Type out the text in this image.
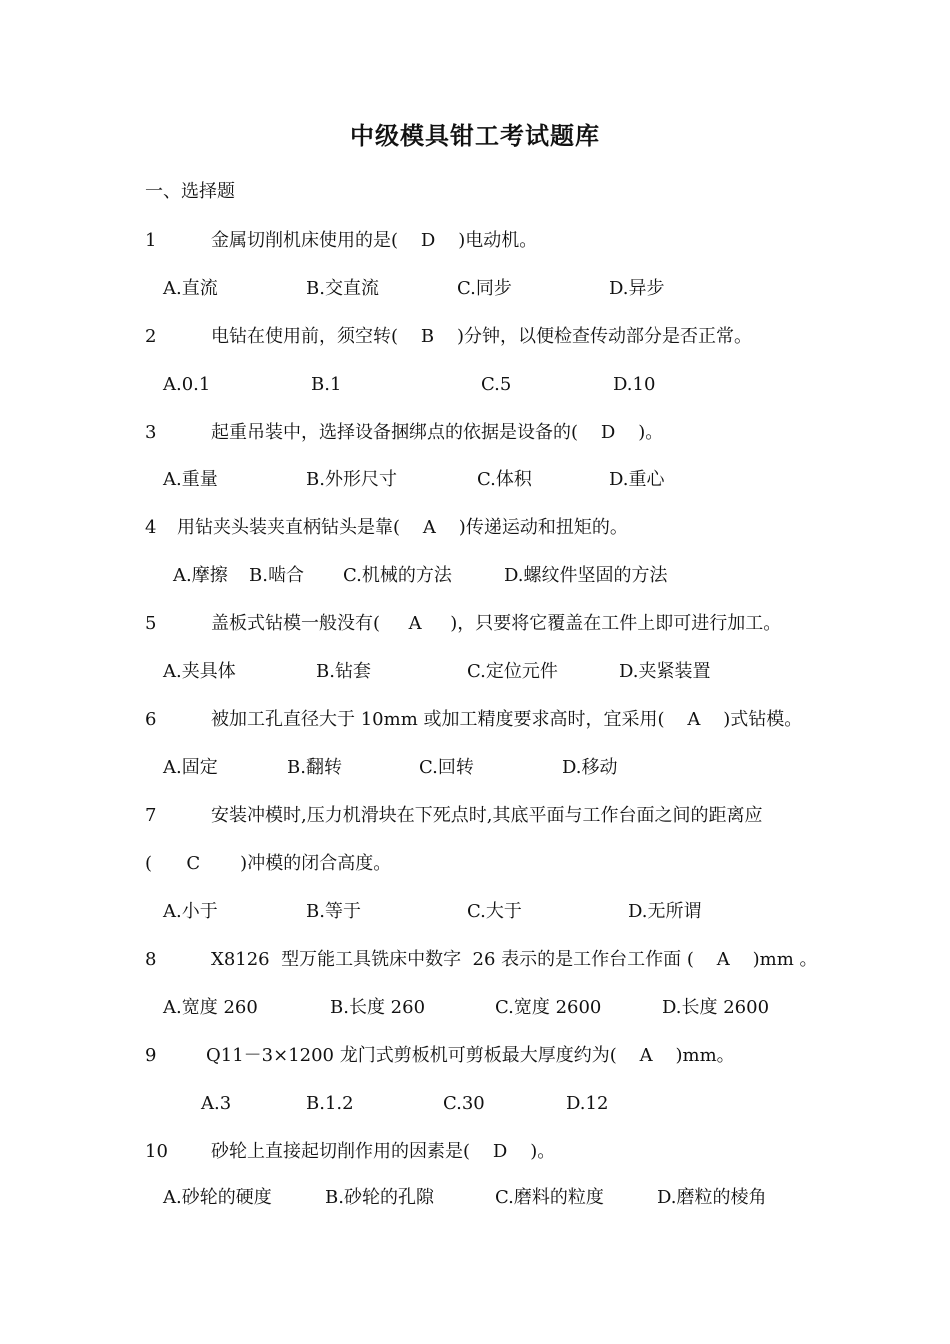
中级模具钳工考试题库
一、选择题
1	金属切削机床使用的是(    D    )电动机。
A.直流	B.交直流	C.同步	D.异步
2	电钻在使用前，须空转(    B    )分钟，以便检查传动部分是否正常。
A.0.1	B.1	C.5	D.10
3	起重吊装中，选择设备捆绑点的依据是设备的(    D    )。
A.重量	B.外形尺寸	C.体积	D.重心
4 用钻夹头装夹直柄钻头是靠(    A    )传递运动和扭矩的。
A.摩擦 B.啮合 C.机械的方法	D.螺纹件坚固的方法
5	盖板式钻模一般没有(     A     )，只要将它覆盖在工件上即可进行加工。
A.夹具体	B.钻套	C.定位元件	D.夹紧装置
6	被加工孔直径大于 10mm 或加工精度要求高时，宜采用(    A    )式钻模。
A.固定	B.翻转	C.回转	D.移动
7	安装冲模时,压力机滑块在下死点时,其底平面与工作台面之间的距离应
(      C       )冲模的闭合高度。
A.小于	B.等于	C.大于	D.无所谓
8	X8126  型万能工具铣床中数字  26 表示的是工作台工作面 (    A    )mm 。
A.宽度 260	B.长度 260	C.宽度 2600	D.长度 2600
9	Q11－3×1200 龙门式剪板机可剪板最大厚度约为(    A    )mm。
A.3	B.1.2	C.30	D.12
10 砂轮上直接起切削作用的因素是(    D    )。
A.砂轮的硬度	B.砂轮的孔隙	C.磨料的粒度	D.磨粒的棱角
